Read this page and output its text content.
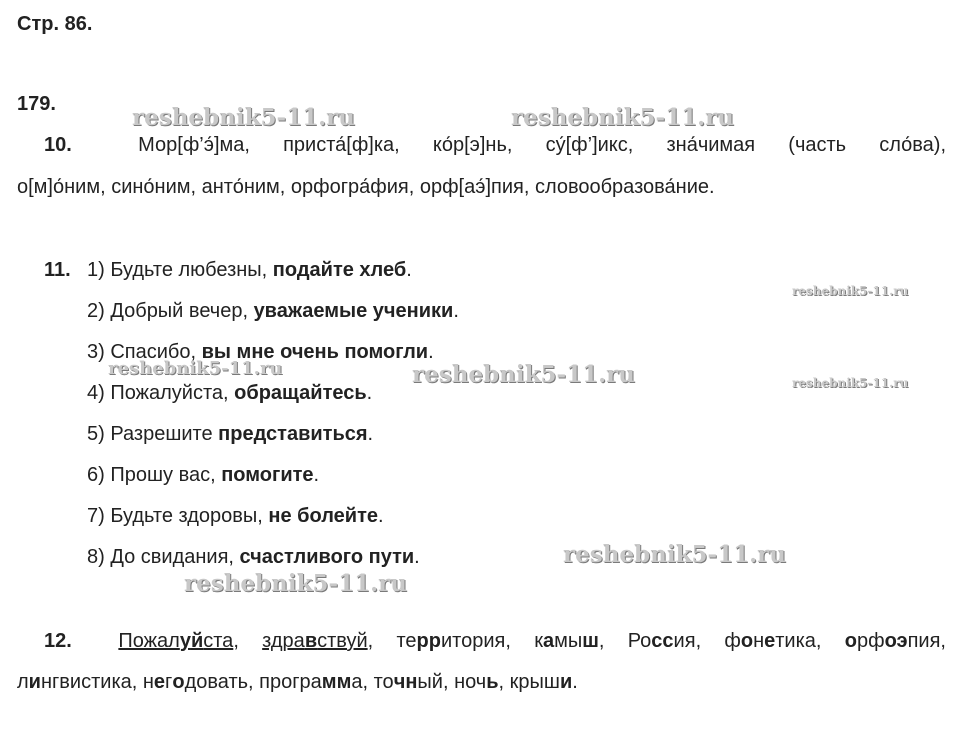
Стр. 86.
179.	reshebnik5-11.ru	reshebnik5-11.ru
reshebnik5-11.ru
reshebnik5-11.ru	reshebnik5-11.ru	reshebnik5-11.ru
reshebnik5-11.ru
reshebnik5-11.ru
10.	Мор[ф’э́]ма, приста́[ф]ка, ко́р[э]нь, су́[ф’]икс, зна́чимая (часть сло́ва),
о[м]о́ним, сино́ним, анто́ним, орфогра́фия, орф[аэ́]пия, словообразова́ние.
11. 1) Будьте любезны, подайте хлеб.
2) Добрый вечер, уважаемые ученики.
3) Спасибо, вы мне очень помогли.
4) Пожалуйста, обращайтесь.
5) Разрешите представиться.
6) Прошу вас, помогите.
7) Будьте здоровы, не болейте.
8) До свидания, счастливого пути.
12. Пожалуйста, здравствуй, территория, камыш, Россия, фонетика, орфоэпия,
лингвистика, негодовать, программа, точный, ночь, крыши.
